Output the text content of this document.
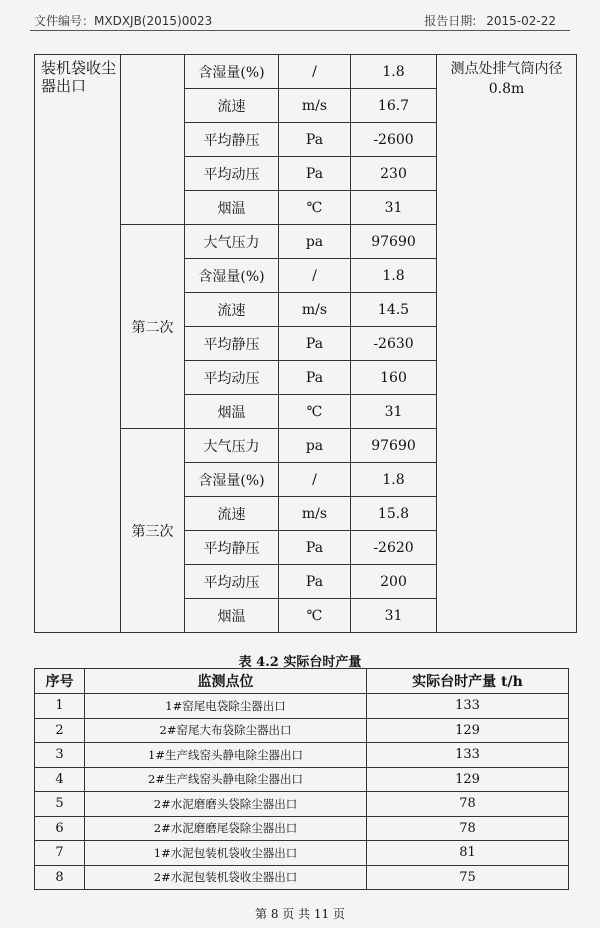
文件编号：MXDXJB(2015)0023	报告日期: 2015-02-22
装机袋收尘器出口		含湿量(%)	/	1.8	测点处排气筒内径 0.8m
		流速	m/s	16.7	
		平均静压	Pa	-2600	
		平均动压	Pa	230	
		烟温	℃	31	
	第二次	大气压力	pa	97690	
		含湿量(%)	/	1.8	
		流速	m/s	14.5	
		平均静压	Pa	-2630	
		平均动压	Pa	160	
		烟温	℃	31	
	第三次	大气压力	pa	97690	
		含湿量(%)	/	1.8	
		流速	m/s	15.8	
		平均静压	Pa	-2620	
		平均动压	Pa	200	
		烟温	℃	31	
表 4.2 实际台时产量
序号	监测点位	实际台时产量 t/h
1	1#窑尾电袋除尘器出口	133
2	2#窑尾大布袋除尘器出口	129
3	1#生产线窑头静电除尘器出口	133
4	2#生产线窑头静电除尘器出口	129
5	2#水泥磨磨头袋除尘器出口	78
6	2#水泥磨磨尾袋除尘器出口	78
7	1#水泥包装机袋收尘器出口	81
8	2#水泥包装机袋收尘器出口	75
第 8 页 共 11 页
